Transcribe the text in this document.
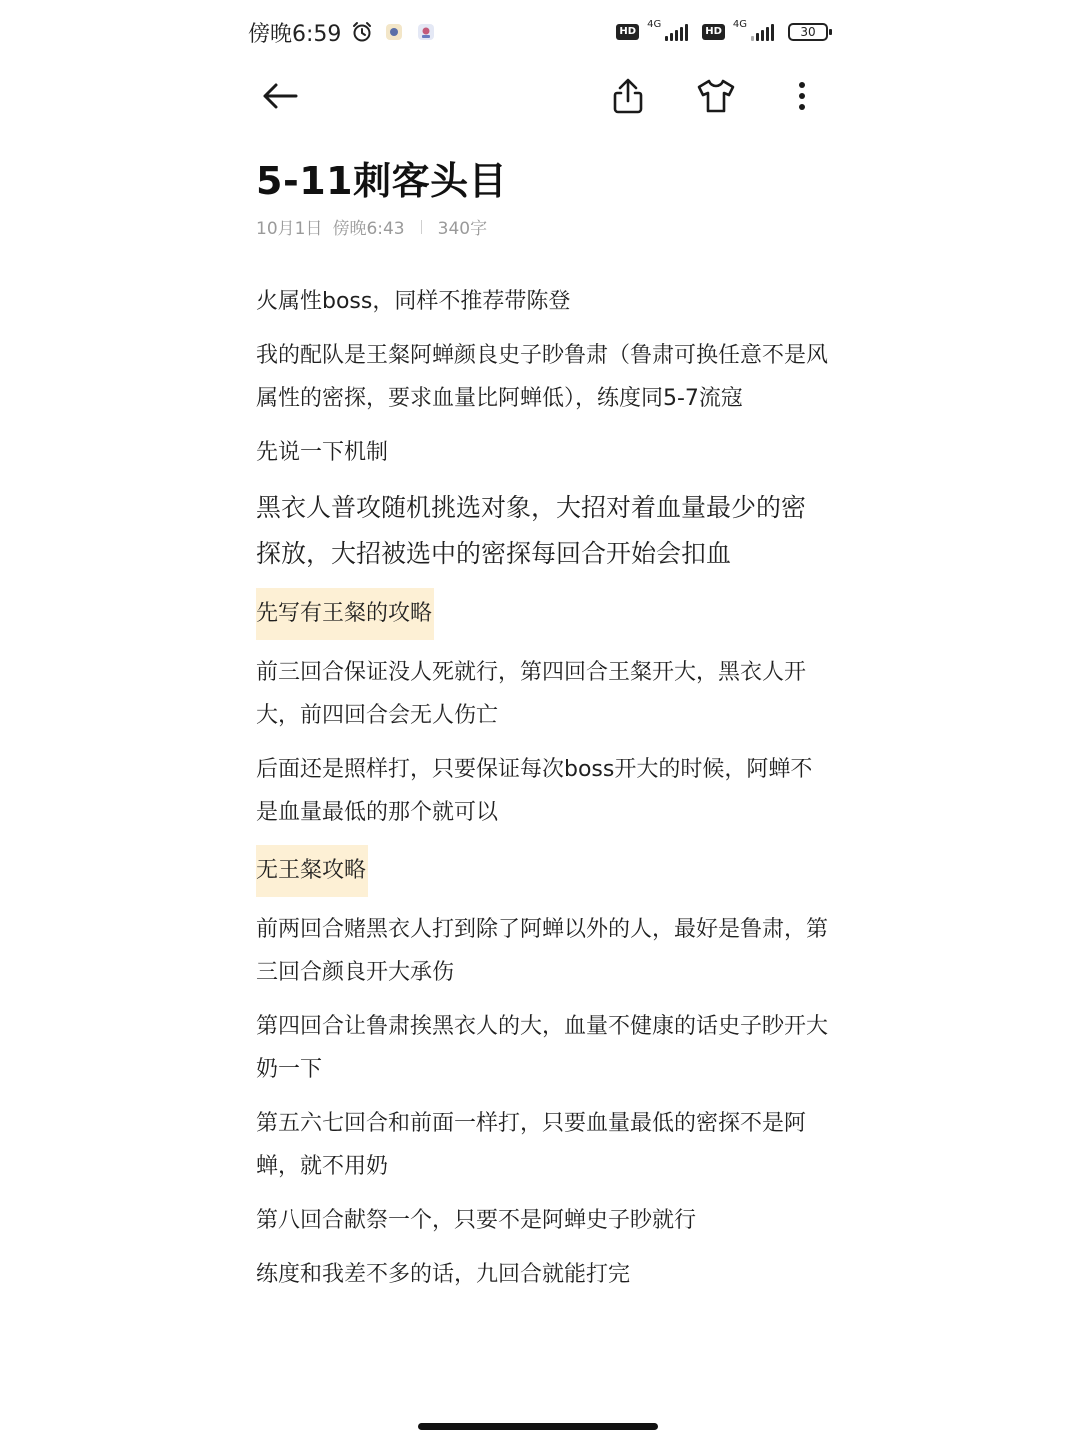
傍晚6:59	HD
4G
HD
4G
30
5-11刺客头目
10月1日 傍晚6:43 340字

火属性boss，同样不推荐带陈登

我的配队是王粲阿蝉颜良史子眇鲁肃（鲁肃可换任意不是风属性的密探，要求血量比阿蝉低），练度同5-7流寇

先说一下机制

黑衣人普攻随机挑选对象，大招对着血量最少的密探放，大招被选中的密探每回合开始会扣血

先写有王粲的攻略

前三回合保证没人死就行，第四回合王粲开大，黑衣人开大，前四回合会无人伤亡

后面还是照样打，只要保证每次boss开大的时候，阿蝉不是血量最低的那个就可以

无王粲攻略

前两回合赌黑衣人打到除了阿蝉以外的人，最好是鲁肃，第三回合颜良开大承伤

第四回合让鲁肃挨黑衣人的大，血量不健康的话史子眇开大奶一下

第五六七回合和前面一样打，只要血量最低的密探不是阿蝉，就不用奶

第八回合献祭一个，只要不是阿蝉史子眇就行

练度和我差不多的话，九回合就能打完
